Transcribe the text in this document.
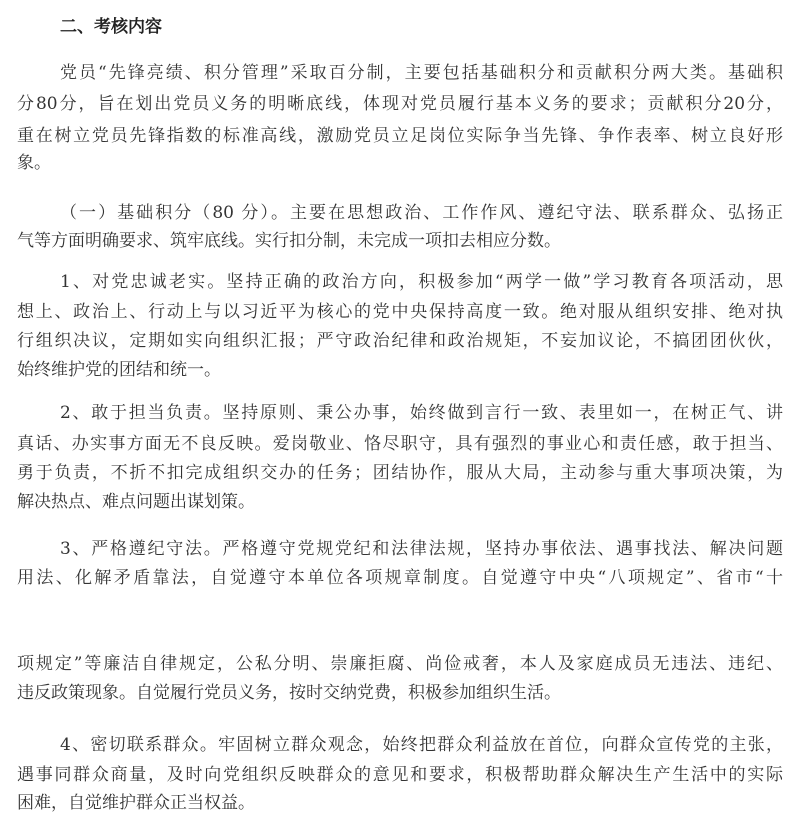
二、考核内容
党员“先锋亮绩、积分管理”采取百分制，主要包括基础积分和贡献积分两大类。基础积
分80分，旨在划出党员义务的明晰底线，体现对党员履行基本义务的要求；贡献积分20分，
重在树立党员先锋指数的标准高线，激励党员立足岗位实际争当先锋、争作表率、树立良好形
象。
（一）基础积分（80 分）。主要在思想政治、工作作风、遵纪守法、联系群众、弘扬正
气等方面明确要求、筑牢底线。实行扣分制，未完成一项扣去相应分数。
1、对党忠诚老实。坚持正确的政治方向，积极参加“两学一做”学习教育各项活动，思
想上、政治上、行动上与以习近平为核心的党中央保持高度一致。绝对服从组织安排、绝对执
行组织决议，定期如实向组织汇报；严守政治纪律和政治规矩，不妄加议论，不搞团团伙伙，
始终维护党的团结和统一。
2、敢于担当负责。坚持原则、秉公办事，始终做到言行一致、表里如一，在树正气、讲
真话、办实事方面无不良反映。爱岗敬业、恪尽职守，具有强烈的事业心和责任感，敢于担当、
勇于负责，不折不扣完成组织交办的任务；团结协作，服从大局，主动参与重大事项决策，为
解决热点、难点问题出谋划策。
3、严格遵纪守法。严格遵守党规党纪和法律法规，坚持办事依法、遇事找法、解决问题
用法、化解矛盾靠法，自觉遵守本单位各项规章制度。自觉遵守中央“八项规定”、省市“十
项规定”等廉洁自律规定，公私分明、崇廉拒腐、尚俭戒奢，本人及家庭成员无违法、违纪、
违反政策现象。自觉履行党员义务，按时交纳党费，积极参加组织生活。
4、密切联系群众。牢固树立群众观念，始终把群众利益放在首位，向群众宣传党的主张，
遇事同群众商量，及时向党组织反映群众的意见和要求，积极帮助群众解决生产生活中的实际
困难，自觉维护群众正当权益。
